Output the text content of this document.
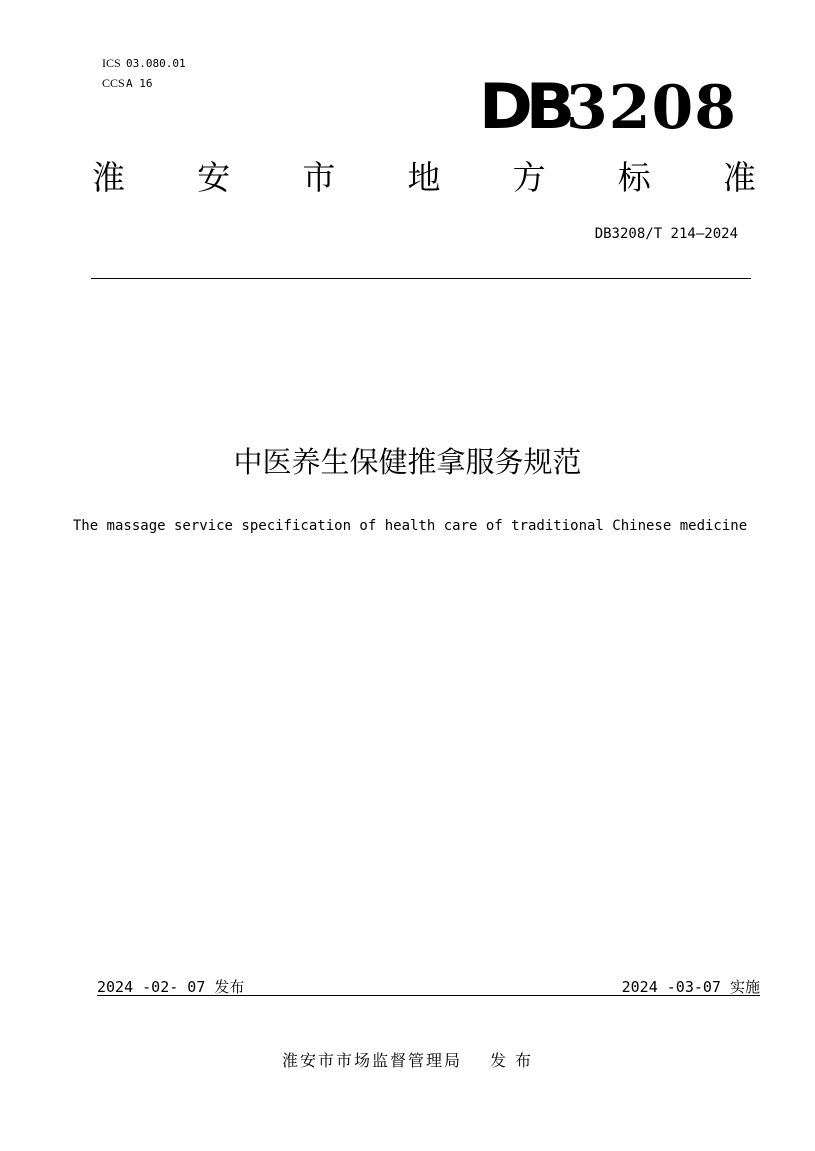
ICS 03.080.01

CCSA 16	DB3208
淮 安 市 地 方 标 准
DB3208/T 214—2024
中医养生保健推拿服务规范
The massage service specification of health care of traditional Chinese medicine
2024 -02- 07 发布	2024 -03-07 实施
淮安市市场监督管理局 发 布
